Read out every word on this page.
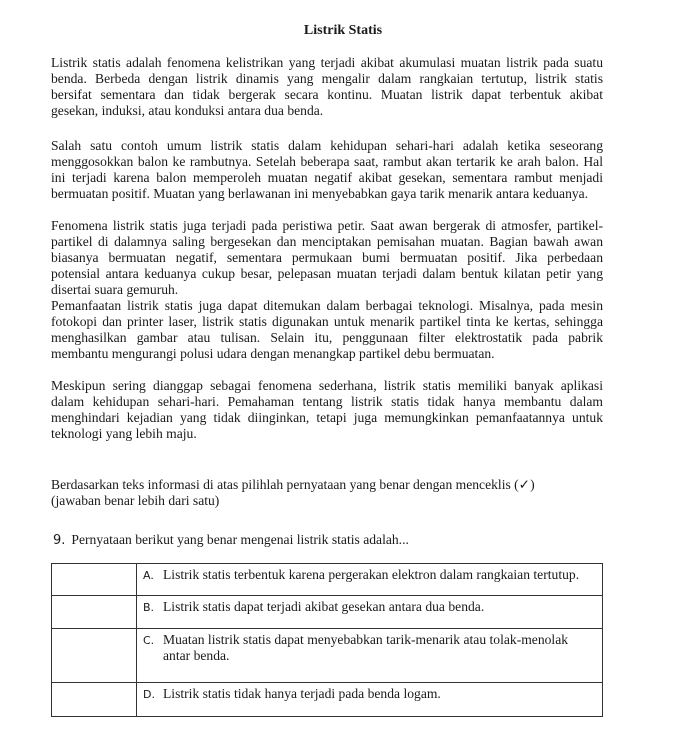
Listrik Statis
Listrik statis adalah fenomena kelistrikan yang terjadi akibat akumulasi muatan listrik pada suatu
benda. Berbeda dengan listrik dinamis yang mengalir dalam rangkaian tertutup, listrik statis
bersifat sementara dan tidak bergerak secara kontinu. Muatan listrik dapat terbentuk akibat
gesekan, induksi, atau konduksi antara dua benda.
Salah satu contoh umum listrik statis dalam kehidupan sehari-hari adalah ketika seseorang
menggosokkan balon ke rambutnya. Setelah beberapa saat, rambut akan tertarik ke arah balon. Hal
ini terjadi karena balon memperoleh muatan negatif akibat gesekan, sementara rambut menjadi
bermuatan positif. Muatan yang berlawanan ini menyebabkan gaya tarik menarik antara keduanya.
Fenomena listrik statis juga terjadi pada peristiwa petir. Saat awan bergerak di atmosfer, partikel-
partikel di dalamnya saling bergesekan dan menciptakan pemisahan muatan. Bagian bawah awan
biasanya bermuatan negatif, sementara permukaan bumi bermuatan positif. Jika perbedaan
potensial antara keduanya cukup besar, pelepasan muatan terjadi dalam bentuk kilatan petir yang
disertai suara gemuruh.
Pemanfaatan listrik statis juga dapat ditemukan dalam berbagai teknologi. Misalnya, pada mesin
fotokopi dan printer laser, listrik statis digunakan untuk menarik partikel tinta ke kertas, sehingga
menghasilkan gambar atau tulisan. Selain itu, penggunaan filter elektrostatik pada pabrik
membantu mengurangi polusi udara dengan menangkap partikel debu bermuatan.
Meskipun sering dianggap sebagai fenomena sederhana, listrik statis memiliki banyak aplikasi
dalam kehidupan sehari-hari. Pemahaman tentang listrik statis tidak hanya membantu dalam
menghindari kejadian yang tidak diinginkan, tetapi juga memungkinkan pemanfaatannya untuk
teknologi yang lebih maju.
Berdasarkan teks informasi di atas pilihlah pernyataan yang benar dengan menceklis (✓)
(jawaban benar lebih dari satu)
9. Pernyataan berikut yang benar mengenai listrik statis adalah...

	A. Listrik statis terbentuk karena pergerakan elektron dalam rangkaian tertutup.

	B. Listrik statis dapat terjadi akibat gesekan antara dua benda.

	C. Muatan listrik statis dapat menyebabkan tarik-menarik atau tolak-menolak antar benda.

	D. Listrik statis tidak hanya terjadi pada benda logam.
